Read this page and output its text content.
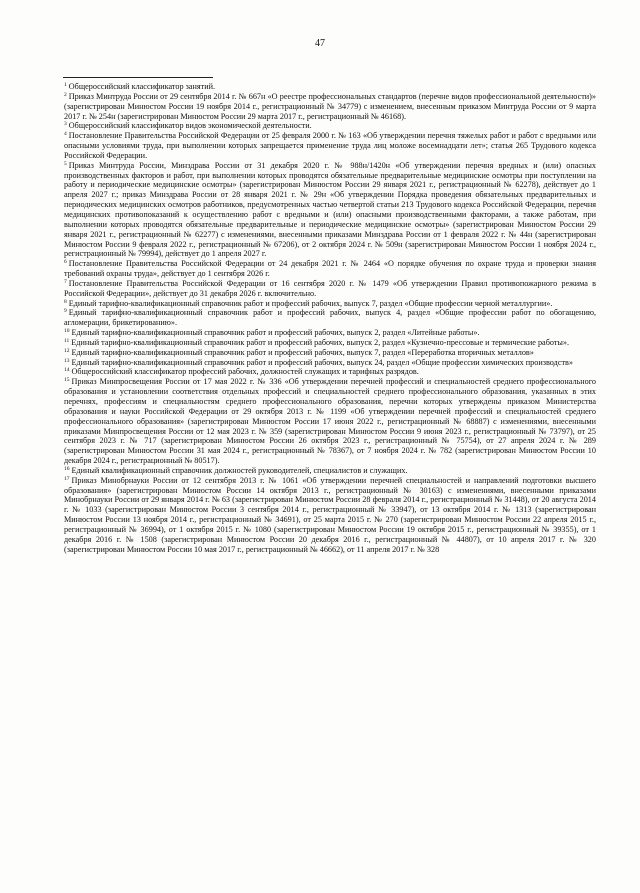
47

$^1$ Общероссийский классификатор занятий.

$^2$ Приказ Минтруда России от 29 сентября 2014 г. № 667н «О реестре профессиональных стандартов (перечне видов профессиональной деятельности)» (зарегистрирован Минюстом России 19 ноября 2014 г., регистрационный № 34779) с изменением, внесенным приказом Минтруда России от 9 марта 2017 г. № 254н (зарегистрирован Минюстом России 29 марта 2017 г., регистрационный № 46168).

$^3$ Общероссийский классификатор видов экономической деятельности.

$^4$ Постановление Правительства Российской Федерации от 25 февраля 2000 г. № 163 «Об утверждении перечня тяжелых работ и работ с вредными или опасными условиями труда, при выполнении которых запрещается применение труда лиц моложе восемнадцати лет»; статья 265 Трудового кодекса Российской Федерации.

$^5$ Приказ Минтруда России, Минздрава России от 31 декабря 2020 г. № 988н/1420н «Об утверждении перечня вредных и (или) опасных производственных факторов и работ, при выполнении которых проводятся обязательные предварительные медицинские осмотры при поступлении на работу и периодические медицинские осмотры» (зарегистрирован Минюстом России 29 января 2021 г., регистрационный № 62278), действует до 1 апреля 2027 г.; приказ Минздрава России от 28 января 2021 г. № 29н «Об утверждении Порядка проведения обязательных предварительных и периодических медицинских осмотров работников, предусмотренных частью четвертой статьи 213 Трудового кодекса Российской Федерации, перечня медицинских противопоказаний к осуществлению работ с вредными и (или) опасными производственными факторами, а также работам, при выполнении которых проводятся обязательные предварительные и периодические медицинские осмотры» (зарегистрирован Минюстом России 29 января 2021 г., регистрационный № 62277) с изменениями, внесенными приказами Минздрава России от 1 февраля 2022 г. № 44н (зарегистрирован Минюстом России 9 февраля 2022 г., регистрационный № 67206), от 2 октября 2024 г. № 509н (зарегистрирован Минюстом России 1 ноября 2024 г., регистрационный № 79994), действует до 1 апреля 2027 г.

$^6$ Постановление Правительства Российской Федерации от 24 декабря 2021 г. № 2464 «О порядке обучения по охране труда и проверки знания требований охраны труда», действует до 1 сентября 2026 г.

$^7$ Постановление Правительства Российской Федерации от 16 сентября 2020 г. № 1479 «Об утверждении Правил противопожарного режима в Российской Федерации», действует до 31 декабря 2026 г. включительно.

$^8$ Единый тарифно-квалификационный справочник работ и профессий рабочих, выпуск 7, раздел «Общие профессии черной металлургии».

$^9$ Единый тарифно-квалификационный справочник работ и профессий рабочих, выпуск 4, раздел «Общие профессии работ по обогащению, агломерации, брикетированию».

$^{10}$ Единый тарифно-квалификационный справочник работ и профессий рабочих, выпуск 2, раздел «Литейные работы».

$^{11}$ Единый тарифно-квалификационный справочник работ и профессий рабочих, выпуск 2, раздел «Кузнечно-прессовые и термические работы».

$^{12}$ Единый тарифно-квалификационный справочник работ и профессий рабочих, выпуск 7, раздел «Переработка вторичных металлов»

$^{13}$ Единый тарифно-квалификационный справочник работ и профессий рабочих, выпуск 24, раздел «Общие профессии химических производств»

$^{14}$ Общероссийский классификатор профессий рабочих, должностей служащих и тарифных разрядов.

$^{15}$ Приказ Минпросвещения России от 17 мая 2022 г. № 336 «Об утверждении перечней профессий и специальностей среднего профессионального образования и установлении соответствия отдельных профессий и специальностей среднего профессионального образования, указанных в этих перечнях, профессиям и специальностям среднего профессионального образования, перечни которых утверждены приказом Министерства образования и науки Российской Федерации от 29 октября 2013 г. № 1199 «Об утверждении перечней профессий и специальностей среднего профессионального образования» (зарегистрирован Минюстом России 17 июня 2022 г., регистрационный № 68887) с изменениями, внесенными приказами Минпросвещения России от 12 мая 2023 г. № 359 (зарегистрирован Минюстом России 9 июня 2023 г., регистрационный № 73797), от 25 сентября 2023 г. № 717 (зарегистрирован Минюстом России 26 октября 2023 г., регистрационный № 75754), от 27 апреля 2024 г. № 289 (зарегистрирован Минюстом России 31 мая 2024 г., регистрационный № 78367), от 7 ноября 2024 г. № 782 (зарегистрирован Минюстом России 10 декабря 2024 г., регистрационный № 80517).

$^{16}$ Единый квалификационный справочник должностей руководителей, специалистов и служащих.

$^{17}$ Приказ Минобрнауки России от 12 сентября 2013 г. № 1061 «Об утверждении перечней специальностей и направлений подготовки высшего образования» (зарегистрирован Минюстом России 14 октября 2013 г., регистрационный № 30163) с изменениями, внесенными приказами Минобрнауки России от 29 января 2014 г. № 63 (зарегистрирован Минюстом России 28 февраля 2014 г., регистрационный № 31448), от 20 августа 2014 г. № 1033 (зарегистрирован Минюстом России 3 сентября 2014 г., регистрационный № 33947), от 13 октября 2014 г. № 1313 (зарегистрирован Минюстом России 13 ноября 2014 г., регистрационный № 34691), от 25 марта 2015 г. № 270 (зарегистрирован Минюстом России 22 апреля 2015 г., регистрационный № 36994), от 1 октября 2015 г. № 1080 (зарегистрирован Минюстом России 19 октября 2015 г., регистрационный № 39355), от 1 декабря 2016 г. № 1508 (зарегистрирован Минюстом России 20 декабря 2016 г., регистрационный № 44807), от 10 апреля 2017 г. № 320 (зарегистрирован Минюстом России 10 мая 2017 г., регистрационный № 46662), от 11 апреля 2017 г. № 328
